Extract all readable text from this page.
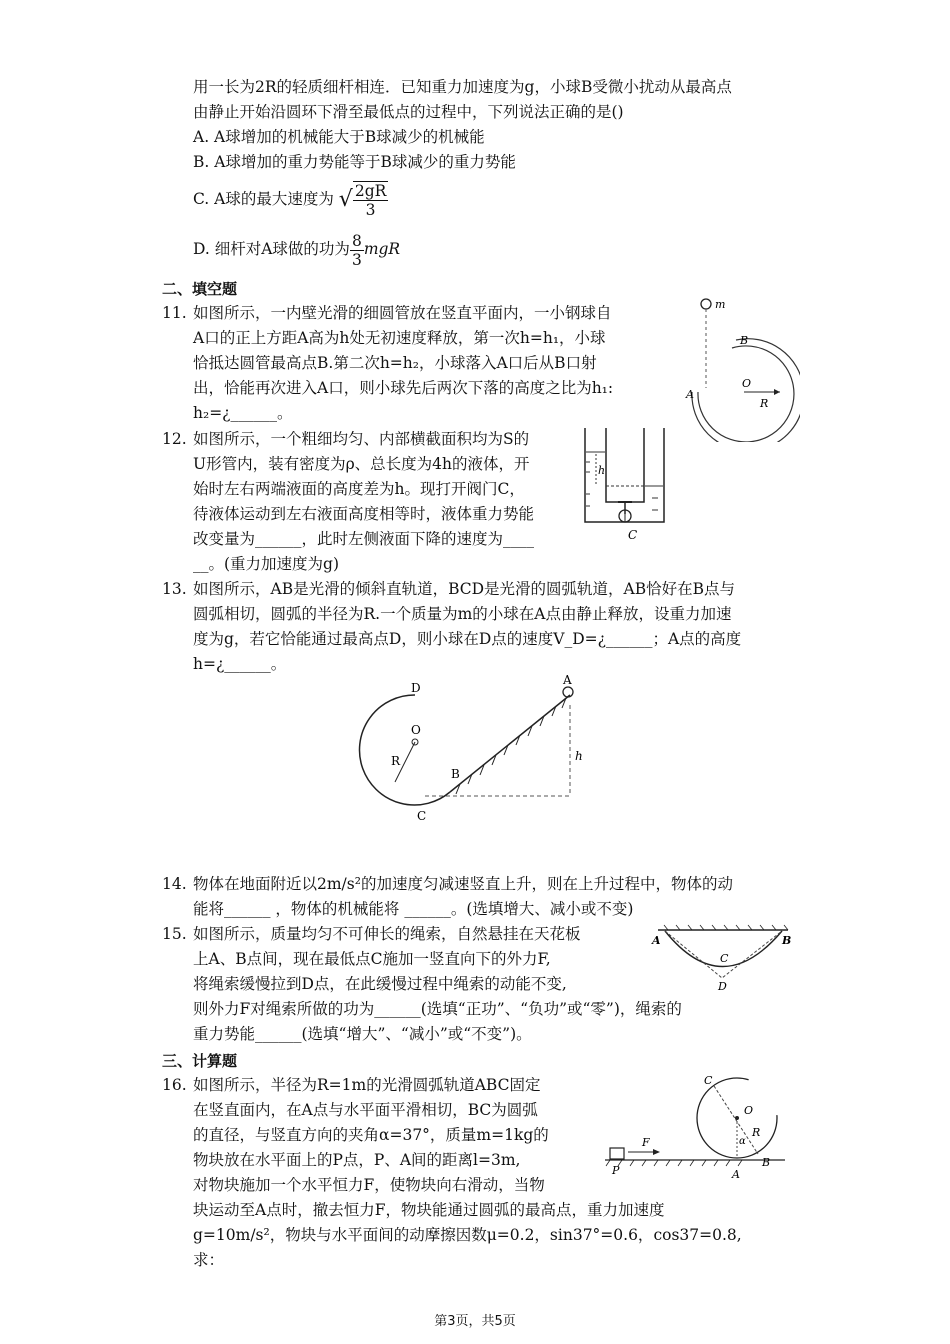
用一长为2R的轻质细杆相连．已知重力加速度为g，小球B受微小扰动从最高点
由静止开始沿圆环下滑至最低点的过程中，下列说法正确的是()
A. A球增加的机械能大于B球减少的机械能
B. A球增加的重力势能等于B球减少的重力势能
C. A球的最大速度为 √ $\frac{2gR}{3}$
D. 细杆对A球做的功为 $\frac{8}{3}$ mgR
二、填空题
11. 如图所示，一内壁光滑的细圆管放在竖直平面内，一小钢球自
A口的正上方距A高为h处无初速度释放，第一次h=h₁，小球
恰抵达圆管最高点B.第二次h=h₂，小球落入A口后从B口射
出，恰能再次进入A口，则小球先后两次下落的高度之比为h₁:
h₂=¿______。
m
B
O
R
A
12. 如图所示，一个粗细均匀、内部横截面积均为S的
U形管内，装有密度为ρ、总长度为4h的液体，开
始时左右两端液面的高度差为h。现打开阀门C，
待液体运动到左右液面高度相等时，液体重力势能
改变量为______，此时左侧液面下降的速度为____
__。(重力加速度为g)
h
C
13. 如图所示，AB是光滑的倾斜直轨道，BCD是光滑的圆弧轨道，AB恰好在B点与
圆弧相切，圆弧的半径为R.一个质量为m的小球在A点由静止释放，设重力加速
度为g，若它恰能通过最高点D，则小球在D点的速度V_D=¿______；A点的高度
h=¿______。
h
A
O
R
D
B
C
14. 物体在地面附近以2m/s²的加速度匀减速竖直上升，则在上升过程中，物体的动
能将______ ，物体的机械能将 ______。(选填增大、减小或不变)
15. 如图所示，质量均匀不可伸长的绳索，自然悬挂在天花板
上A、B点间，现在最低点C施加一竖直向下的外力F,
将绳索缓慢拉到D点，在此缓慢过程中绳索的动能不变,
则外力F对绳索所做的功为______(选填“正功”、“负功”或“零”)，绳索的
重力势能______(选填“增大”、“减小”或“不变”)。
A	B
C
D
三、计算题
16. 如图所示，半径为R=1m的光滑圆弧轨道ABC固定
在竖直面内，在A点与水平面平滑相切，BC为圆弧
的直径，与竖直方向的夹角α=37°，质量m=1kg的
物块放在水平面上的P点，P、A间的距离l=3m,
对物块施加一个水平恒力F，使物块向右滑动，当物
块运动至A点时，撤去恒力F，物块能通过圆弧的最高点，重力加速度
g=10m/s²，物块与水平面间的动摩擦因数μ=0.2，sin37°=0.6，cos37=0.8,
求：
F
P	A
B
C
O
R
α
第3页，共5页
